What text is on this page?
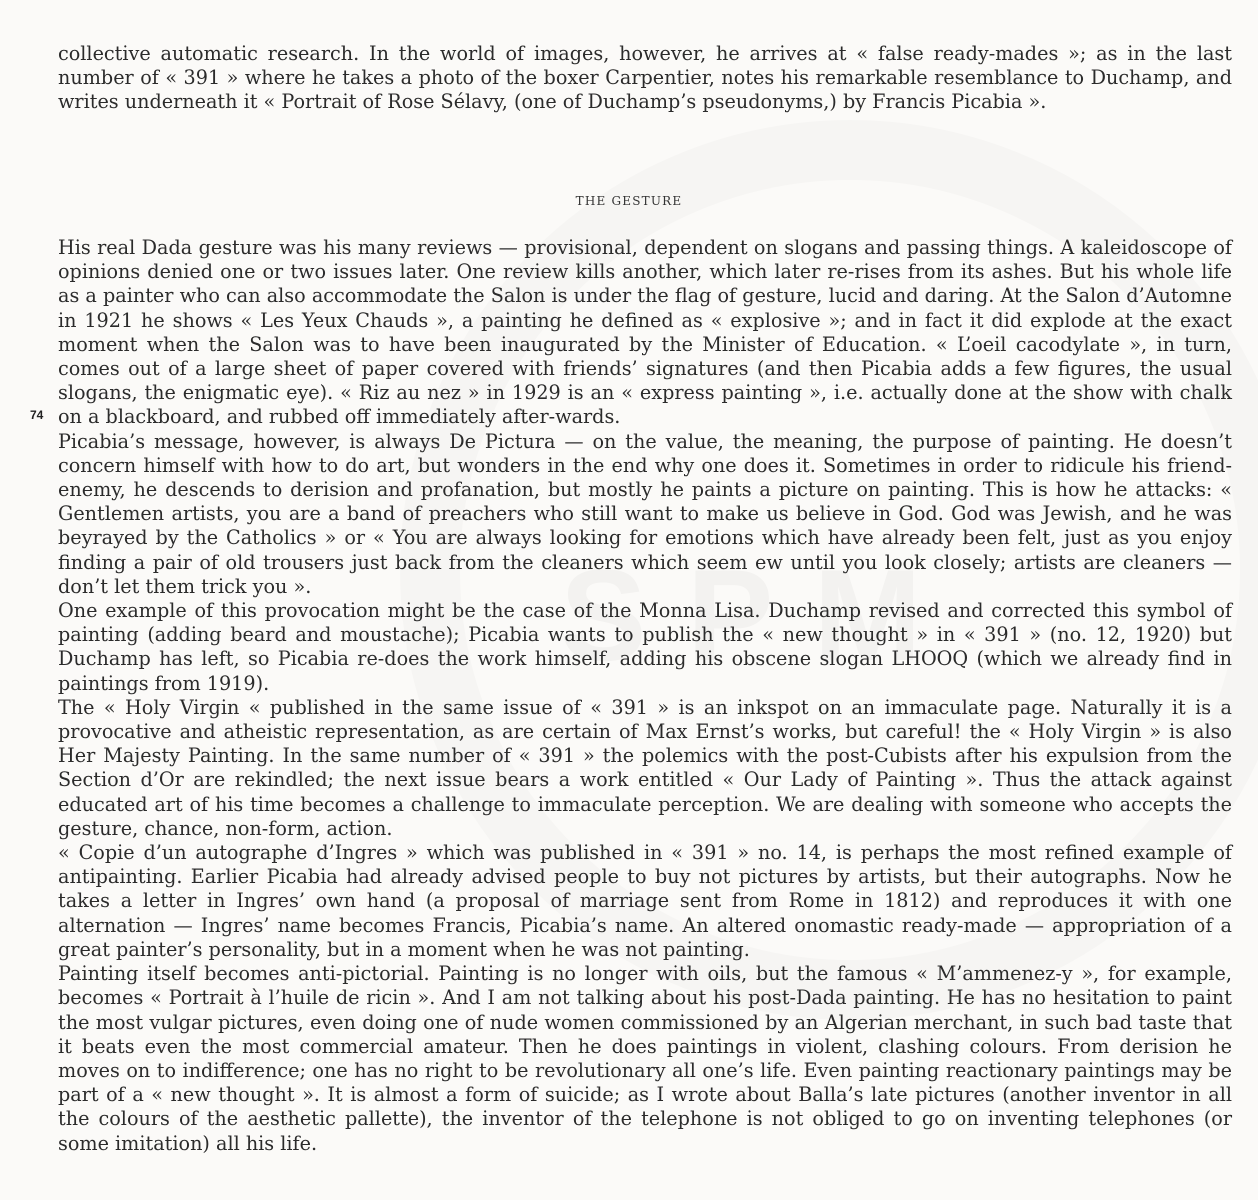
collective automatic research. In the world of images, however, he arrives at « false ready-mades »; as in the last number of « 391 » where he takes a photo of the boxer Carpentier, notes his remarkable resemblance to Duchamp, and writes underneath it « Portrait of Rose Sélavy, (one of Duchamp’s pseudonyms,) by Francis Picabia ».
THE GESTURE
74

His real Dada gesture was his many reviews — provisional, dependent on slogans and passing things. A kaleidoscope of opinions denied one or two issues later. One review kills another, which later re-rises from its ashes. But his whole life as a painter who can also accommodate the Salon is under the flag of gesture, lucid and daring. At the Salon d’Automne in 1921 he shows « Les Yeux Chauds », a painting he defined as « explosive »; and in fact it did explode at the exact moment when the Salon was to have been inaugurated by the Minister of Education. « L’oeil cacodylate », in turn, comes out of a large sheet of paper covered with friends’ signatures (and then Picabia adds a few figures, the usual slogans, the enigmatic eye). « Riz au nez » in 1929 is an « express painting », i.e. actually done at the show with chalk on a blackboard, and rubbed off immediately after-wards.

Picabia’s message, however, is always De Pictura — on the value, the meaning, the purpose of painting. He doesn’t concern himself with how to do art, but wonders in the end why one does it. Sometimes in order to ridicule his friend-enemy, he descends to derision and profanation, but mostly he paints a picture on painting. This is how he attacks: « Gentlemen artists, you are a band of preachers who still want to make us believe in God. God was Jewish, and he was beyrayed by the Catholics » or « You are always looking for emotions which have already been felt, just as you enjoy finding a pair of old trousers just back from the cleaners which seem ew until you look closely; artists are cleaners — don’t let them trick you ».

One example of this provocation might be the case of the Monna Lisa. Duchamp revised and corrected this symbol of painting (adding beard and moustache); Picabia wants to publish the « new thought » in « 391 » (no. 12, 1920) but Duchamp has left, so Picabia re-does the work himself, adding his obscene slogan LHOOQ (which we already find in paintings from 1919).

The « Holy Virgin « published in the same issue of « 391 » is an inkspot on an immaculate page. Naturally it is a provocative and atheistic representation, as are certain of Max Ernst’s works, but careful! the « Holy Virgin » is also Her Majesty Painting. In the same number of « 391 » the polemics with the post-Cubists after his expulsion from the Section d’Or are rekindled; the next issue bears a work entitled « Our Lady of Painting ». Thus the attack against educated art of his time becomes a challenge to immaculate perception. We are dealing with someone who accepts the gesture, chance, non-form, action.

« Copie d’un autographe d’Ingres » which was published in « 391 » no. 14, is perhaps the most refined example of antipainting. Earlier Picabia had already advised people to buy not pictures by artists, but their autographs. Now he takes a letter in Ingres’ own hand (a proposal of marriage sent from Rome in 1812) and reproduces it with one alternation — Ingres’ name becomes Francis, Picabia’s name. An altered onomastic ready-made — appropriation of a great painter’s personality, but in a moment when he was not painting.

Painting itself becomes anti-pictorial. Painting is no longer with oils, but the famous « M’ammenez-y », for example, becomes « Portrait à l’huile de ricin ». And I am not talking about his post-Dada painting. He has no hesitation to paint the most vulgar pictures, even doing one of nude women commissioned by an Algerian merchant, in such bad taste that it beats even the most commercial amateur. Then he does paintings in violent, clashing colours. From derision he moves on to indifference; one has no right to be revolutionary all one’s life. Even painting reactionary paintings may be part of a « new thought ». It is almost a form of suicide; as I wrote about Balla’s late pictures (another inventor in all the colours of the aesthetic pallette), the inventor of the telephone is not obliged to go on inventing telephones (or some imitation) all his life.
